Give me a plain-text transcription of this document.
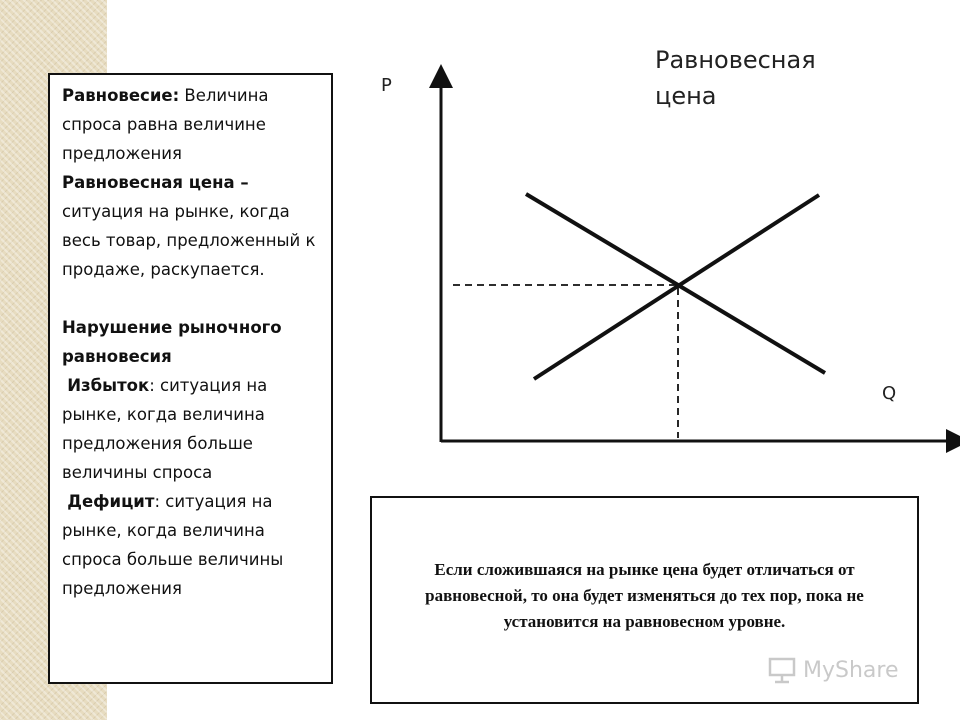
Равновесие: Величина спроса равна величине предложения

Равновесная цена – ситуация на рынке, когда весь товар, предложенный к продаже, раскупается.

Нарушение рыночного равновесия

Избыток: ситуация на рынке, когда величина предложения больше величины спроса

Дефицит: ситуация на рынке, когда величина спроса больше величины предложения

Равновесная цена
P
Q
Если сложившаяся на рынке цена будет отличаться от равновесной, то она будет изменяться до тех пор, пока не установится на равновесном уровне.
MyShare
